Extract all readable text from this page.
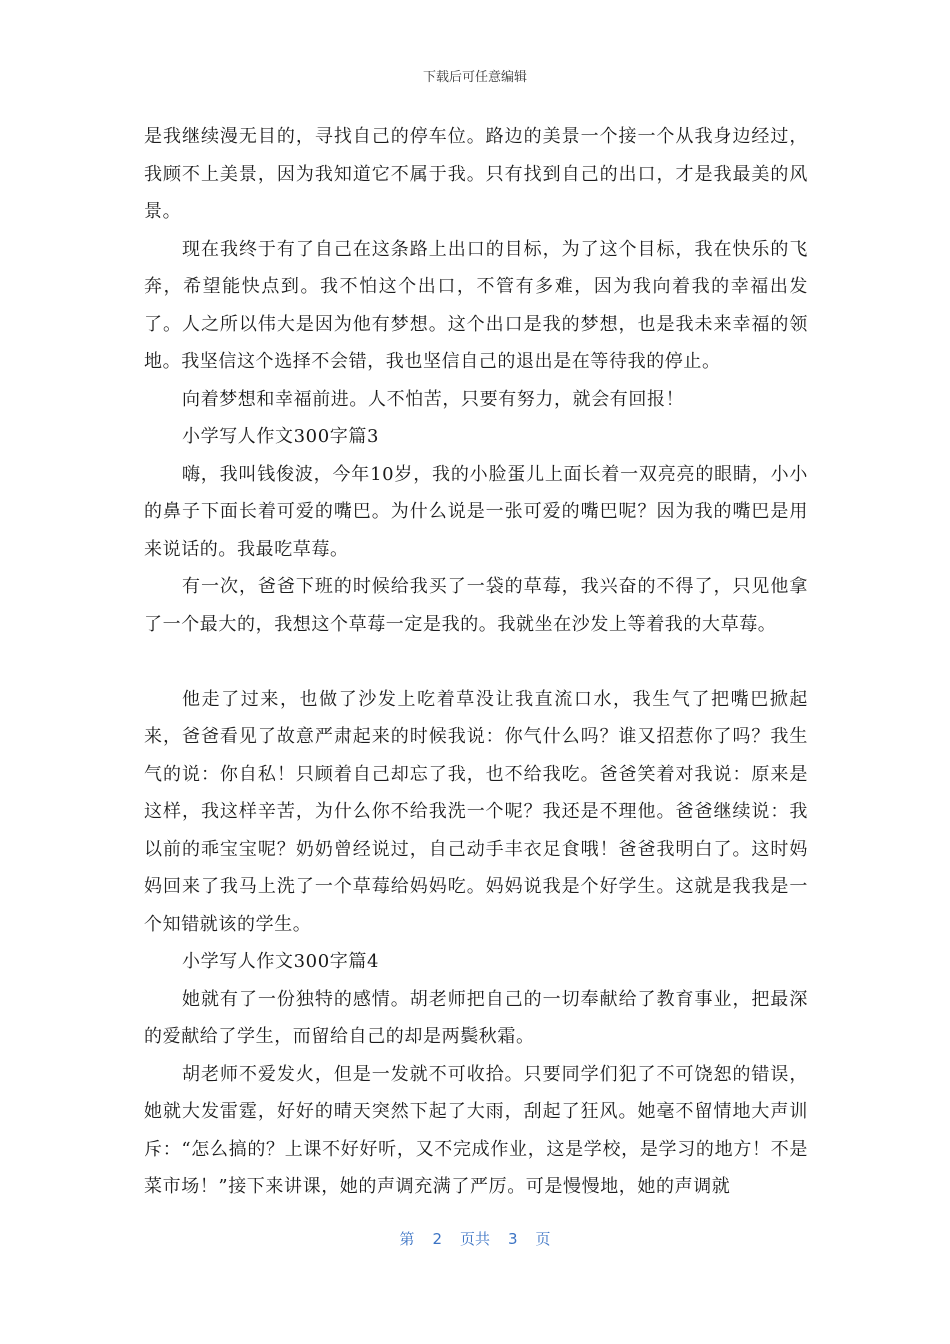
下载后可任意编辑

是我继续漫无目的，寻找自己的停车位。路边的美景一个接一个从我身边经过，我顾不上美景，因为我知道它不属于我。只有找到自己的出口，才是我最美的风景。

现在我终于有了自己在这条路上出口的目标，为了这个目标，我在快乐的飞奔，希望能快点到。我不怕这个出口，不管有多难，因为我向着我的幸福出发了。人之所以伟大是因为他有梦想。这个出口是我的梦想，也是我未来幸福的领地。我坚信这个选择不会错，我也坚信自己的退出是在等待我的停止。

向着梦想和幸福前进。人不怕苦，只要有努力，就会有回报！

小学写人作文300字篇3

嗨，我叫钱俊波，今年10岁，我的小脸蛋儿上面长着一双亮亮的眼睛，小小的鼻子下面长着可爱的嘴巴。为什么说是一张可爱的嘴巴呢？因为我的嘴巴是用来说话的。我最吃草莓。

有一次，爸爸下班的时候给我买了一袋的草莓，我兴奋的不得了，只见他拿了一个最大的，我想这个草莓一定是我的。我就坐在沙发上等着我的大草莓。

他走了过来，也做了沙发上吃着草没让我直流口水，我生气了把嘴巴掀起来，爸爸看见了故意严肃起来的时候我说：你气什么吗？谁又招惹你了吗？我生气的说：你自私！只顾着自己却忘了我，也不给我吃。爸爸笑着对我说：原来是这样，我这样辛苦，为什么你不给我洗一个呢？我还是不理他。爸爸继续说：我以前的乖宝宝呢？奶奶曾经说过，自己动手丰衣足食哦！爸爸我明白了。这时妈妈回来了我马上洗了一个草莓给妈妈吃。妈妈说我是个好学生。这就是我我是一个知错就该的学生。

小学写人作文300字篇4

她就有了一份独特的感情。胡老师把自己的一切奉献给了教育事业，把最深的爱献给了学生，而留给自己的却是两鬓秋霜。

胡老师不爱发火，但是一发就不可收拾。只要同学们犯了不可饶恕的错误，她就大发雷霆，好好的晴天突然下起了大雨，刮起了狂风。她毫不留情地大声训斥：“怎么搞的？上课不好好听，又不完成作业，这是学校，是学习的地方！不是菜市场！”接下来讲课，她的声调充满了严厉。可是慢慢地，她的声调就

第 2 页共 3 页
